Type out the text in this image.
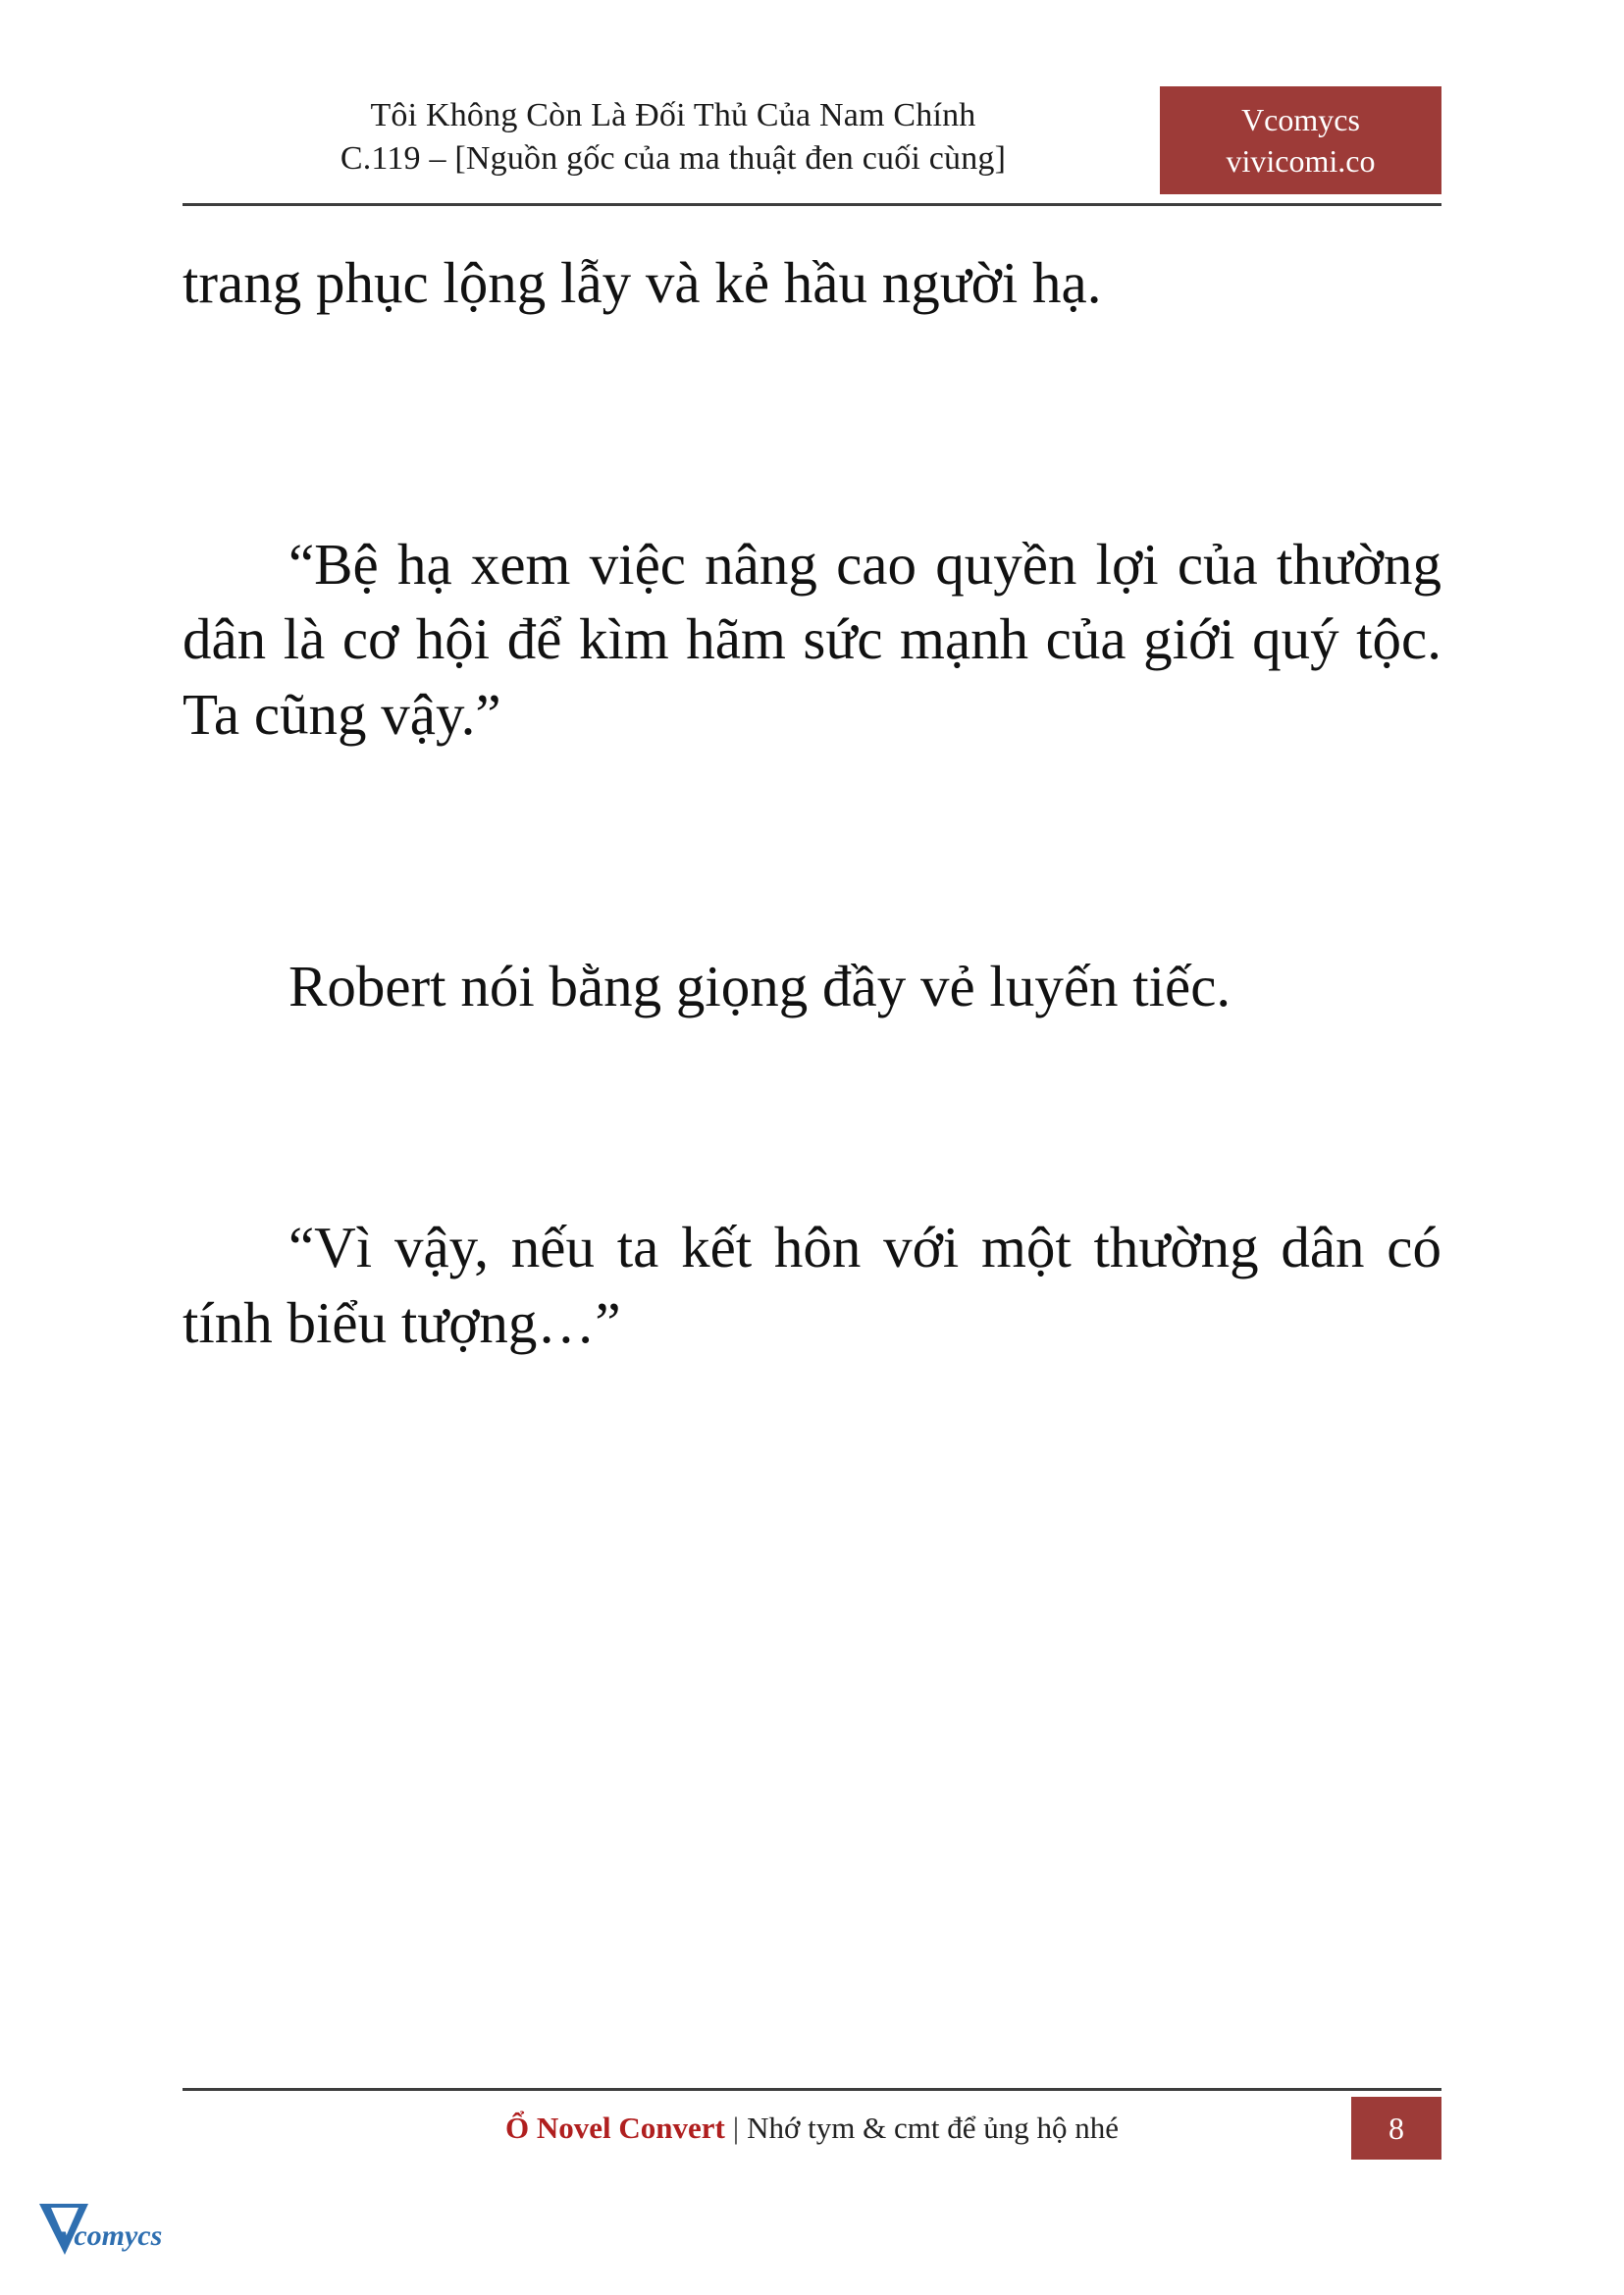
Tôi Không Còn Là Đối Thủ Của Nam Chính
C.119 – [Nguồn gốc của ma thuật đen cuối cùng]
Vcomycs
vivicomi.co

trang phục lộng lẫy và kẻ hầu người hạ.

“Bệ hạ xem việc nâng cao quyền lợi của thường dân là cơ hội để kìm hãm sức mạnh của giới quý tộc. Ta cũng vậy.”

Robert nói bằng giọng đầy vẻ luyến tiếc.

“Vì vậy, nếu ta kết hôn với một thường dân có tính biểu tượng…”

Ổ Novel Convert | Nhớ tym & cmt để ủng hộ nhé	8
vcomycs
